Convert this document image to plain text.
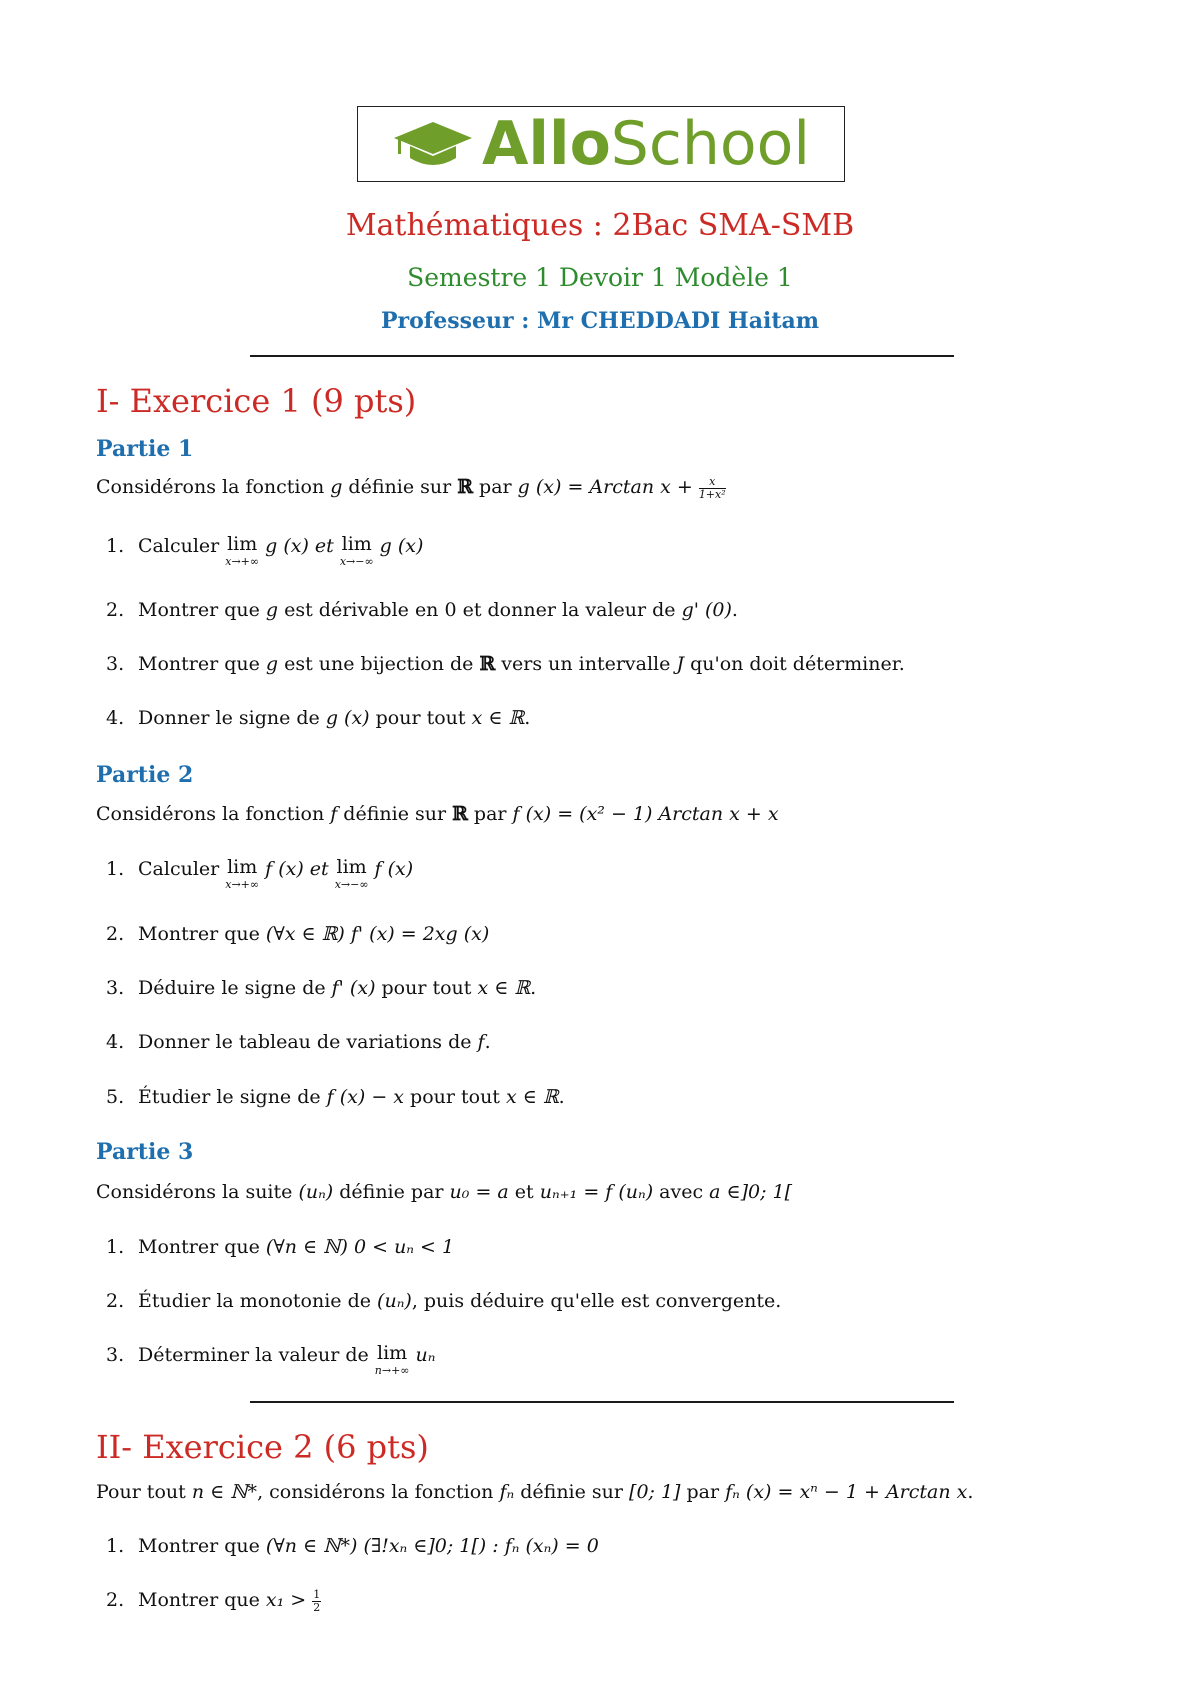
AlloSchool
Mathématiques : 2Bac SMA-SMB
Semestre 1 Devoir 1 Modèle 1
Professeur : Mr CHEDDADI Haitam
I- Exercice 1 (9 pts)
Partie 1
Considérons la fonction g définie sur ℝ par g (x) = Arctan $x + \frac{x}{\text{1+x²}}$
1. Calculer lim
x→+∞
g (x) et lim
x→−∞
g (x)
2. Montrer que g est dérivable en 0 et donner la valeur de g' (0).
3. Montrer que g est une bijection de ℝ vers un intervalle J qu'on doit déterminer.
4. Donner le signe de g (x) pour tout x ∈ ℝ.
Partie 2
Considérons la fonction f définie sur ℝ par f (x) = (x² − 1) Arctan x + x
1. Calculer lim
x→+∞
f (x) et lim
x→−∞
f (x)
2. Montrer que (∀x ∈ ℝ) f' (x) = 2xg (x)
3. Déduire le signe de f' (x) pour tout x ∈ ℝ.
4. Donner le tableau de variations de f.
5. Étudier le signe de f (x) − x pour tout x ∈ ℝ.
Partie 3
Considérons la suite (uₙ) définie par u₀ = a et uₙ₊₁ = f (uₙ) avec a ∈]0; 1[
1. Montrer que (∀n ∈ ℕ) 0 < uₙ < 1
2. Étudier la monotonie de (uₙ), puis déduire qu'elle est convergente.
3. Déterminer la valeur de lim
n→+∞
uₙ
II- Exercice 2 (6 pts)
Pour tout n ∈ ℕ*, considérons la fonction fₙ définie sur [0; 1] par fₙ (x) = xⁿ − 1 + Arctan x.
1. Montrer que (∀n ∈ ℕ*) (∃!xₙ ∈]0; 1[) : fₙ (xₙ) = 0
2. Montrer que $x_1 > \frac{1}{2}$
